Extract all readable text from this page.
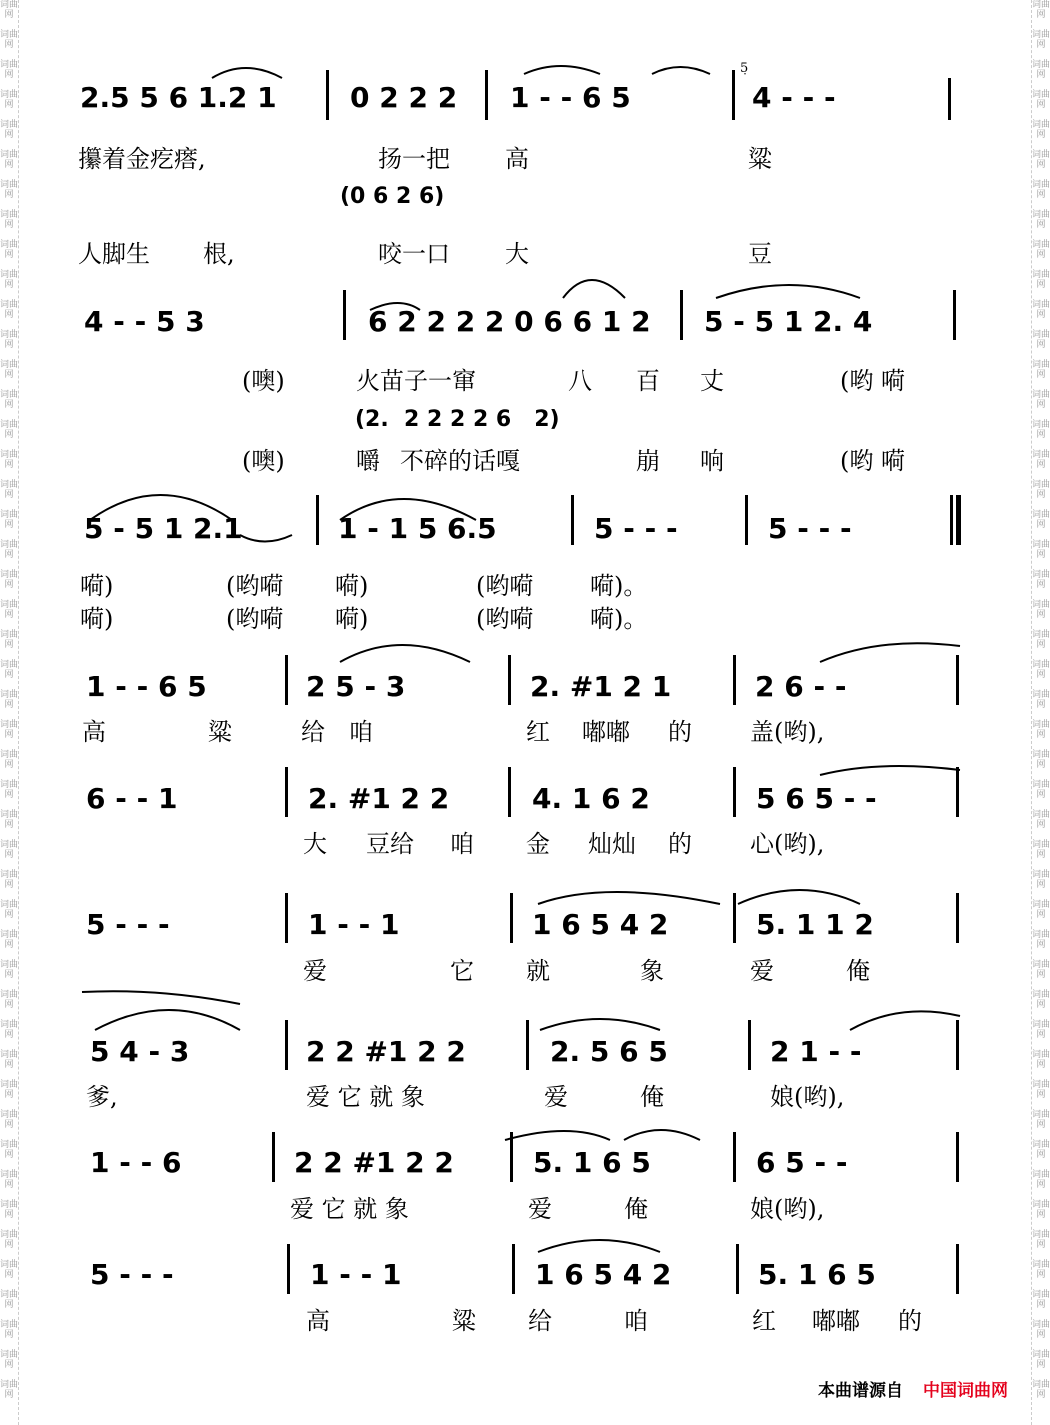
词曲网
词曲网
词曲网
词曲网
词曲网
词曲网
词曲网
词曲网
词曲网
词曲网
词曲网
词曲网
词曲网
词曲网
词曲网
词曲网
词曲网
词曲网
词曲网
词曲网
词曲网
词曲网
词曲网
词曲网
词曲网
词曲网
词曲网
词曲网
词曲网
词曲网
词曲网
词曲网
词曲网
词曲网
词曲网
词曲网
词曲网
词曲网
词曲网
词曲网
词曲网
词曲网
词曲网
词曲网
词曲网
词曲网
词曲网
词曲网
词曲网
词曲网
词曲网
词曲网
词曲网
词曲网
词曲网
词曲网
词曲网
词曲网
词曲网
词曲网
词曲网
词曲网
词曲网
词曲网
词曲网
词曲网
词曲网
词曲网
词曲网
词曲网
词曲网
词曲网
词曲网
词曲网
词曲网
词曲网
词曲网
词曲网
词曲网
词曲网
词曲网
词曲网
词曲网
词曲网
词曲网
词曲网
词曲网
词曲网
词曲网
词曲网
词曲网
词曲网
词曲网
词曲网
2.5 5 6 1.2 1	0 2 2 2 1 - - 6 5
5̣
4 - - -
攥着金疙瘩,	扬一把 高	粱
(0 6 2 6)
人脚生 根,	咬一口 大	豆
4 - - 5 3	6 2 2 2 2 0 6 6 1 2 5 - 5 1 2. 4
(噢)	火苗子一窜	八 百 丈	(哟 嗬
(2.  2 2 2 2 6   2)
(噢)	嚼 不碎的话嘎	崩 响	(哟 嗬
5 - 5 1 2.1	1 - 1 5 6.5	5 - - -	5 - - -
嗬)	(哟嗬 嗬)	(哟嗬 嗬)。
嗬)	(哟嗬 嗬)	(哟嗬 嗬)。
1 - - 6 5	2 5 - 3	2. #1 2 1	2 6 - -
高	粱	给 咱	红 嘟嘟 的 盖(哟),
6 - - 1	2. #1 2 2	4. 1 6 2	5 6 5 - -
大 豆给 咱 金 灿灿 的 心(哟),
5 - - -	1 - - 1	1 6 5 4 2	5. 1 1 2
爱	它 就	象	爱	俺
5 4 - 3	2 2 #1 2 2	2. 5 6 5	2 1 - -
爹,	爱 它 就 象	爱	俺	娘(哟),
1 - - 6	2 2 #1 2 2	5. 1 6 5	6 5 - -
爱 它 就 象	爱	俺	娘(哟),
5 - - -	1 - - 1	1 6 5 4 2	5. 1 6 5
高	粱 给	咱	红 嘟嘟 的
本曲谱源自 中国词曲网
